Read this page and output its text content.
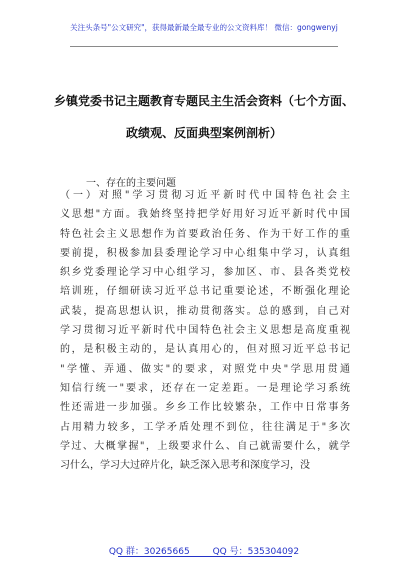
关注头条号"公文研究"，获得最新最全最专业的公文资料库！ 微信：gongwenyj
乡镇党委书记主题教育专题民主生活会资料（七个方面、
政绩观、反面典型案例剖析）
一、存在的主要问题
（一）对照"学习贯彻习近平新时代中国特色社会主
义思想"方面。我始终坚持把学好用好习近平新时代中国
特色社会主义思想作为首要政治任务、作为干好工作的重
要前提，积极参加县委理论学习中心组集中学习，认真组
织乡党委理论学习中心组学习，参加区、市、县各类党校
培训班，仔细研读习近平总书记重要论述，不断强化理论
武装，提高思想认识，推动贯彻落实。总的感到，自己对
学习贯彻习近平新时代中国特色社会主义思想是高度重视
的，是积极主动的，是认真用心的，但对照习近平总书记
"学懂、弄通、做实"的要求，对照党中央"学思用贯通
知信行统一"要求，还存在一定差距。一是理论学习系统
性还需进一步加强。乡乡工作比较繁杂，工作中日常事务
占用精力较多，工学矛盾处理不到位，往往满足于"多次
学过、大概掌握"，上级要求什么、自己就需要什么，就学
习什么，学习大过碎片化，缺乏深入思考和深度学习，没
QQ 群：30265665	QQ 号：535304092
